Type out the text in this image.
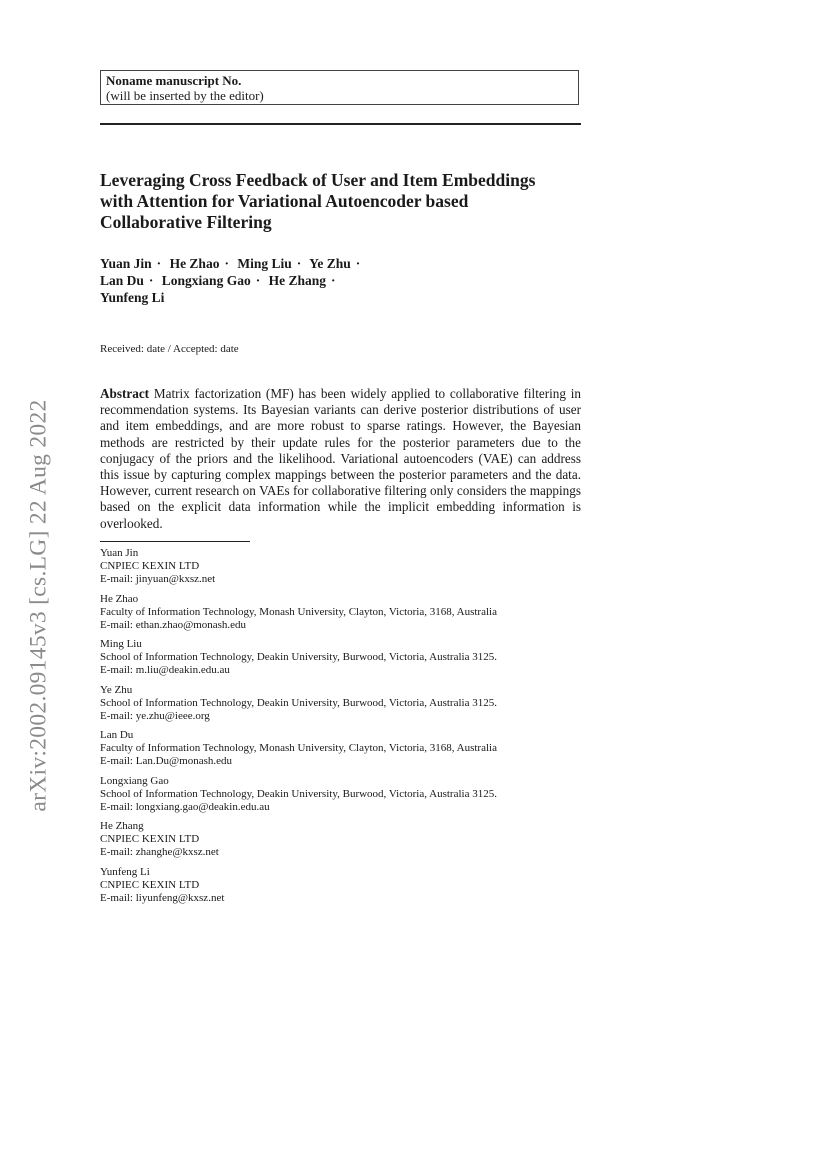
arXiv:2002.09145v3 [cs.LG] 22 Aug 2022
Noname manuscript No.
(will be inserted by the editor)
Leveraging Cross Feedback of User and Item Embeddings with Attention for Variational Autoencoder based Collaborative Filtering
Yuan Jin · He Zhao · Ming Liu · Ye Zhu · Lan Du · Longxiang Gao · He Zhang · Yunfeng Li
Received: date / Accepted: date

Abstract Matrix factorization (MF) has been widely applied to collaborative filtering in recommendation systems. Its Bayesian variants can derive posterior distributions of user and item embeddings, and are more robust to sparse ratings. However, the Bayesian methods are restricted by their update rules for the posterior parameters due to the conjugacy of the priors and the likelihood. Variational autoencoders (VAE) can address this issue by capturing complex mappings between the posterior parameters and the data. However, current research on VAEs for collaborative filtering only considers the mappings based on the explicit data information while the implicit embedding information is overlooked.

Yuan Jin
CNPIEC KEXIN LTD
E-mail: jinyuan@kxsz.net
He Zhao
Faculty of Information Technology, Monash University, Clayton, Victoria, 3168, Australia
E-mail: ethan.zhao@monash.edu
Ming Liu
School of Information Technology, Deakin University, Burwood, Victoria, Australia 3125.
E-mail: m.liu@deakin.edu.au
Ye Zhu
School of Information Technology, Deakin University, Burwood, Victoria, Australia 3125.
E-mail: ye.zhu@ieee.org
Lan Du
Faculty of Information Technology, Monash University, Clayton, Victoria, 3168, Australia
E-mail: Lan.Du@monash.edu
Longxiang Gao
School of Information Technology, Deakin University, Burwood, Victoria, Australia 3125.
E-mail: longxiang.gao@deakin.edu.au
He Zhang
CNPIEC KEXIN LTD
E-mail: zhanghe@kxsz.net
Yunfeng Li
CNPIEC KEXIN LTD
E-mail: liyunfeng@kxsz.net
